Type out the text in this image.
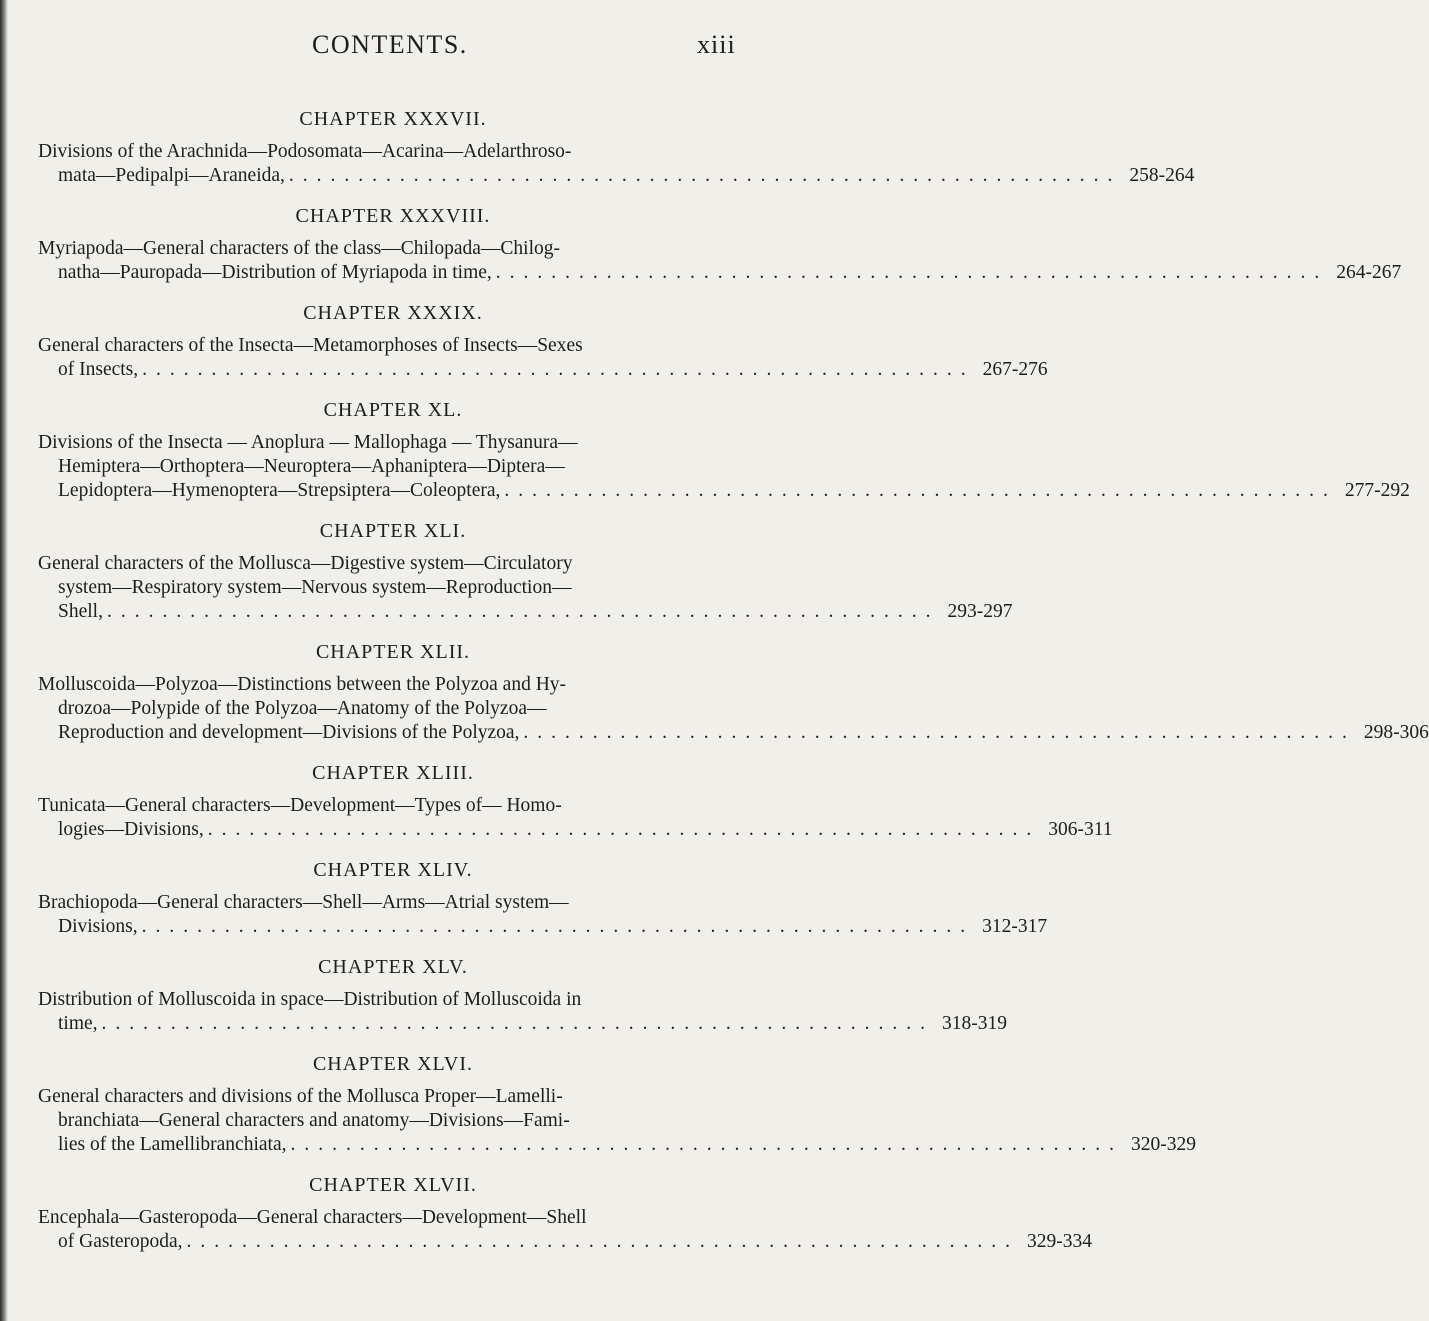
CONTENTS.	xiii
CHAPTER XXXVII.
Divisions of the Arachnida—Podosomata—Acarina—Adelarthroso-
mata—Pedipalpi—Araneida, ............................................................ 258-264
CHAPTER XXXVIII.
Myriapoda—General characters of the class—Chilopada—Chilog-
natha—Pauropada—Distribution of Myriapoda in time, ............................................................ 264-267
CHAPTER XXXIX.
General characters of the Insecta—Metamorphoses of Insects—Sexes
of Insects, ............................................................ 267-276
CHAPTER XL.
Divisions of the Insecta — Anoplura — Mallophaga — Thysanura—
Hemiptera—Orthoptera—Neuroptera—Aphaniptera—Diptera—
Lepidoptera—Hymenoptera—Strepsiptera—Coleoptera, ............................................................ 277-292
CHAPTER XLI.
General characters of the Mollusca—Digestive system—Circulatory
system—Respiratory system—Nervous system—Reproduction—
Shell, ............................................................ 293-297
CHAPTER XLII.
Molluscoida—Polyzoa—Distinctions between the Polyzoa and Hy-
drozoa—Polypide of the Polyzoa—Anatomy of the Polyzoa—
Reproduction and development—Divisions of the Polyzoa, ............................................................ 298-306
CHAPTER XLIII.
Tunicata—General characters—Development—Types of— Homo-
logies—Divisions, ............................................................ 306-311
CHAPTER XLIV.
Brachiopoda—General characters—Shell—Arms—Atrial system—
Divisions, ............................................................ 312-317
CHAPTER XLV.
Distribution of Molluscoida in space—Distribution of Molluscoida in
time, ............................................................ 318-319
CHAPTER XLVI.
General characters and divisions of the Mollusca Proper—Lamelli-
branchiata—General characters and anatomy—Divisions—Fami-
lies of the Lamellibranchiata, ............................................................ 320-329
CHAPTER XLVII.
Encephala—Gasteropoda—General characters—Development—Shell
of Gasteropoda, ............................................................ 329-334
